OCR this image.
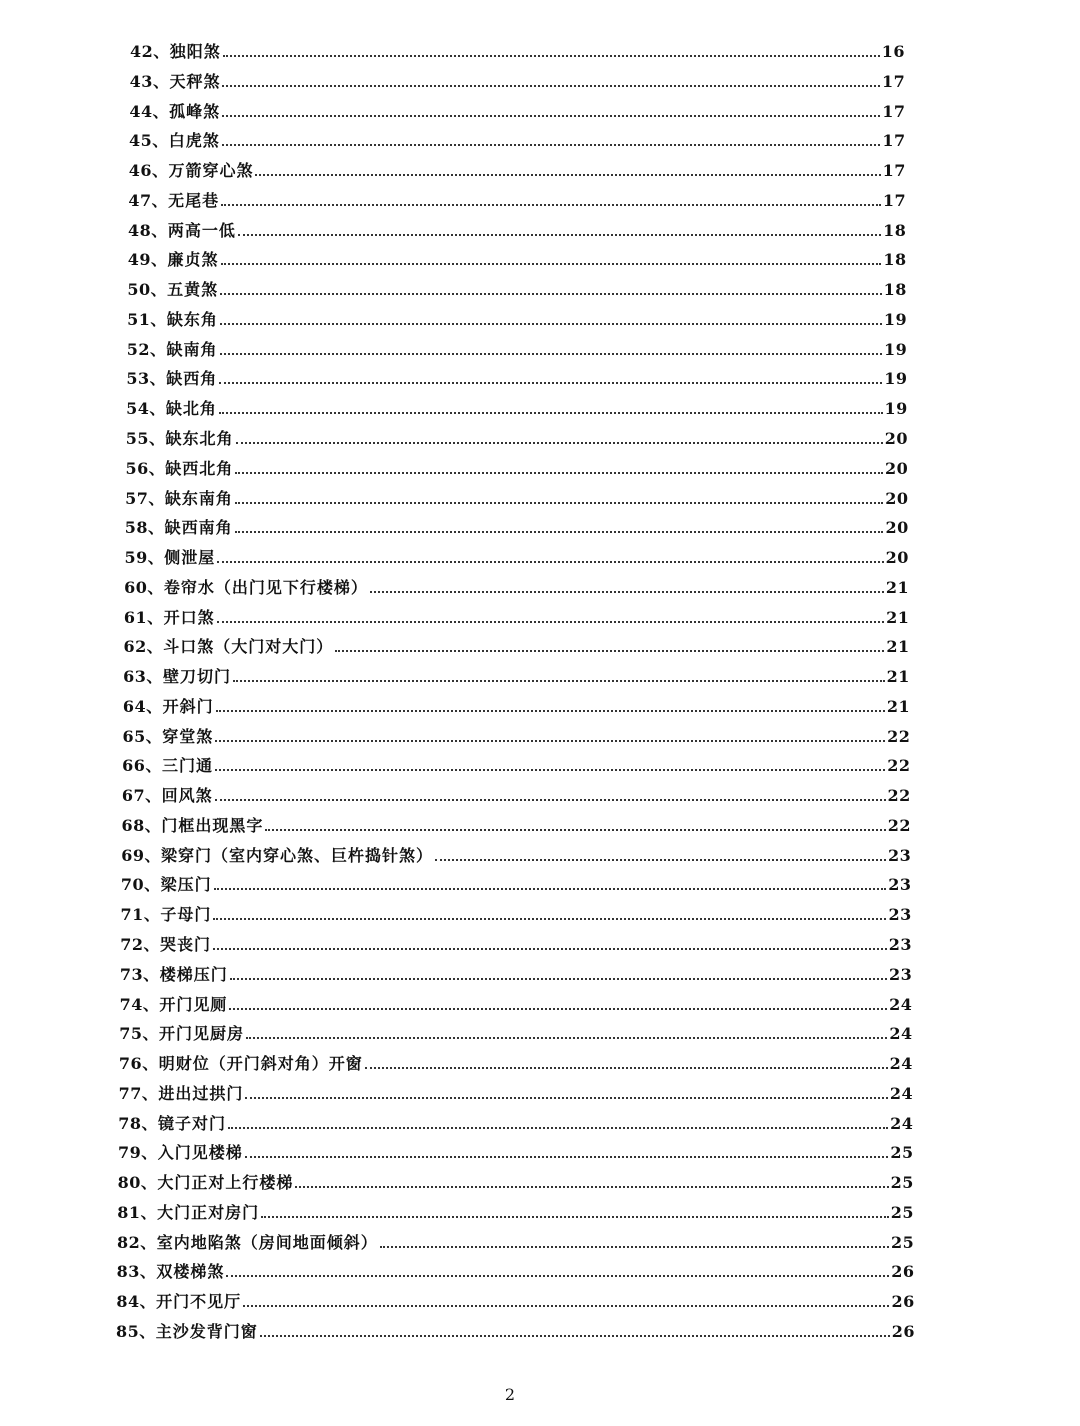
42 、 独阳煞	16
43 、 天秤煞	17
44 、 孤峰煞	17
45 、 白虎煞	17
46 、 万箭穿心煞	17
47 、 无尾巷	17
48 、 两高一低	18
49 、 廉贞煞	18
50 、 五黄煞	18
51 、 缺东角	19
52 、 缺南角	19
53 、 缺西角	19
54 、 缺北角	19
55 、 缺东北角	20
56 、 缺西北角	20
57 、 缺东南角	20
58 、 缺西南角	20
59 、 侧泄屋	20
60 、 卷帘水（出门见下行楼梯）	21
61 、 开口煞	21
62 、 斗口煞（大门对大门）	21
63 、 壁刀切门	21
64 、 开斜门	21
65 、 穿堂煞	22
66 、 三门通	22
67 、 回风煞	22
68 、 门框出现黑字	22
69 、 梁穿门（室内穿心煞、巨杵捣针煞）	23
70 、 梁压门	23
71 、 子母门	23
72 、 哭丧门	23
73 、 楼梯压门	23
74 、 开门见厕	24
75 、 开门见厨房	24
76 、 明财位（开门斜对角）开窗	24
77 、 进出过拱门	24
78 、 镜子对门	24
79 、 入门见楼梯	25
80 、 大门正对上行楼梯	25
81 、 大门正对房门	25
82 、 室内地陷煞（房间地面倾斜）	25
83 、 双楼梯煞	26
84 、 开门不见厅	26
85 、 主沙发背门窗	26
2
